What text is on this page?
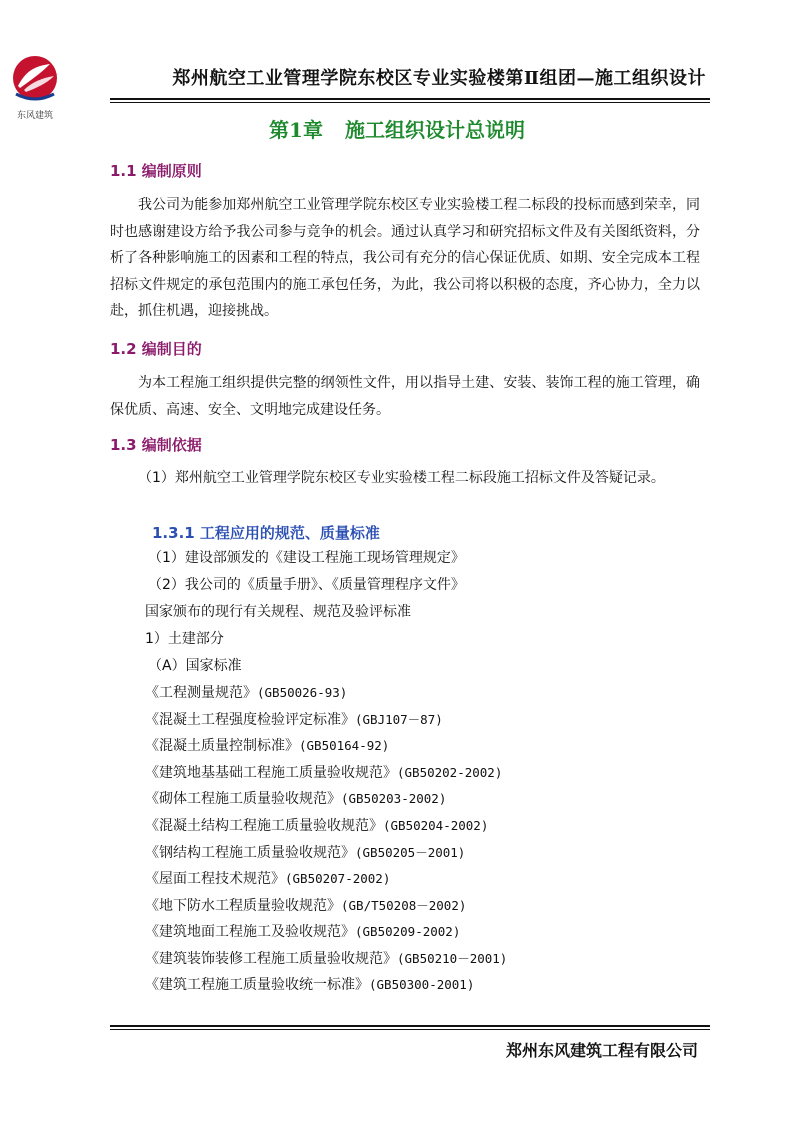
东风建筑
郑州航空工业管理学院东校区专业实验楼第Ⅱ组团—施工组织设计
第1章 施工组织设计总说明
1.1 编制原则
我公司为能参加郑州航空工业管理学院东校区专业实验楼工程二标段的投标而感到荣幸，同时也感谢建设方给予我公司参与竞争的机会。通过认真学习和研究招标文件及有关图纸资料，分析了各种影响施工的因素和工程的特点，我公司有充分的信心保证优质、如期、安全完成本工程招标文件规定的承包范围内的施工承包任务，为此，我公司将以积极的态度，齐心协力，全力以赴，抓住机遇，迎接挑战。
1.2 编制目的
为本工程施工组织提供完整的纲领性文件，用以指导土建、安装、装饰工程的施工管理，确保优质、高速、安全、文明地完成建设任务。
1.3 编制依据
（1）郑州航空工业管理学院东校区专业实验楼工程二标段施工招标文件及答疑记录。
1.3.1 工程应用的规范、质量标准
（1）建设部颁发的《建设工程施工现场管理规定》
（2）我公司的《质量手册》、《质量管理程序文件》
国家颁布的现行有关规程、规范及验评标准
1）土建部分
（A）国家标准
《工程测量规范》(GB50026-93)
《混凝土工程强度检验评定标准》(GBJ107－87)
《混凝土质量控制标准》(GB50164-92)
《建筑地基基础工程施工质量验收规范》(GB50202-2002)
《砌体工程施工质量验收规范》(GB50203-2002)
《混凝土结构工程施工质量验收规范》(GB50204-2002)
《钢结构工程施工质量验收规范》(GB50205－2001)
《屋面工程技术规范》(GB50207-2002)
《地下防水工程质量验收规范》(GB/T50208－2002)
《建筑地面工程施工及验收规范》(GB50209-2002)
《建筑装饰装修工程施工质量验收规范》(GB50210－2001)
《建筑工程施工质量验收统一标准》(GB50300-2001)
郑州东风建筑工程有限公司
